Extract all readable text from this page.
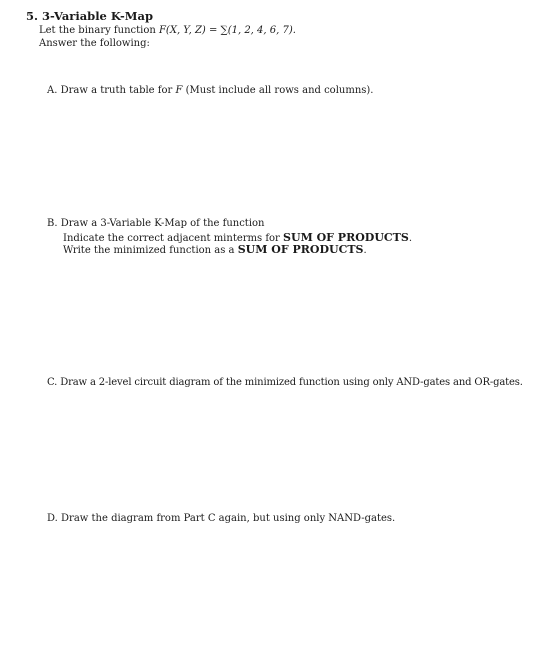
5. 3-Variable K-Map
Let the binary function F(X, Y, Z) = ∑(1, 2, 4, 6, 7).
Answer the following:
A. Draw a truth table for F (Must include all rows and columns).
B. Draw a 3-Variable K-Map of the function
Indicate the correct adjacent minterms for SUM OF PRODUCTS.
Write the minimized function as a SUM OF PRODUCTS.
C. Draw a 2-level circuit diagram of the minimized function using only AND-gates and OR-gates.
D. Draw the diagram from Part C again, but using only NAND-gates.
